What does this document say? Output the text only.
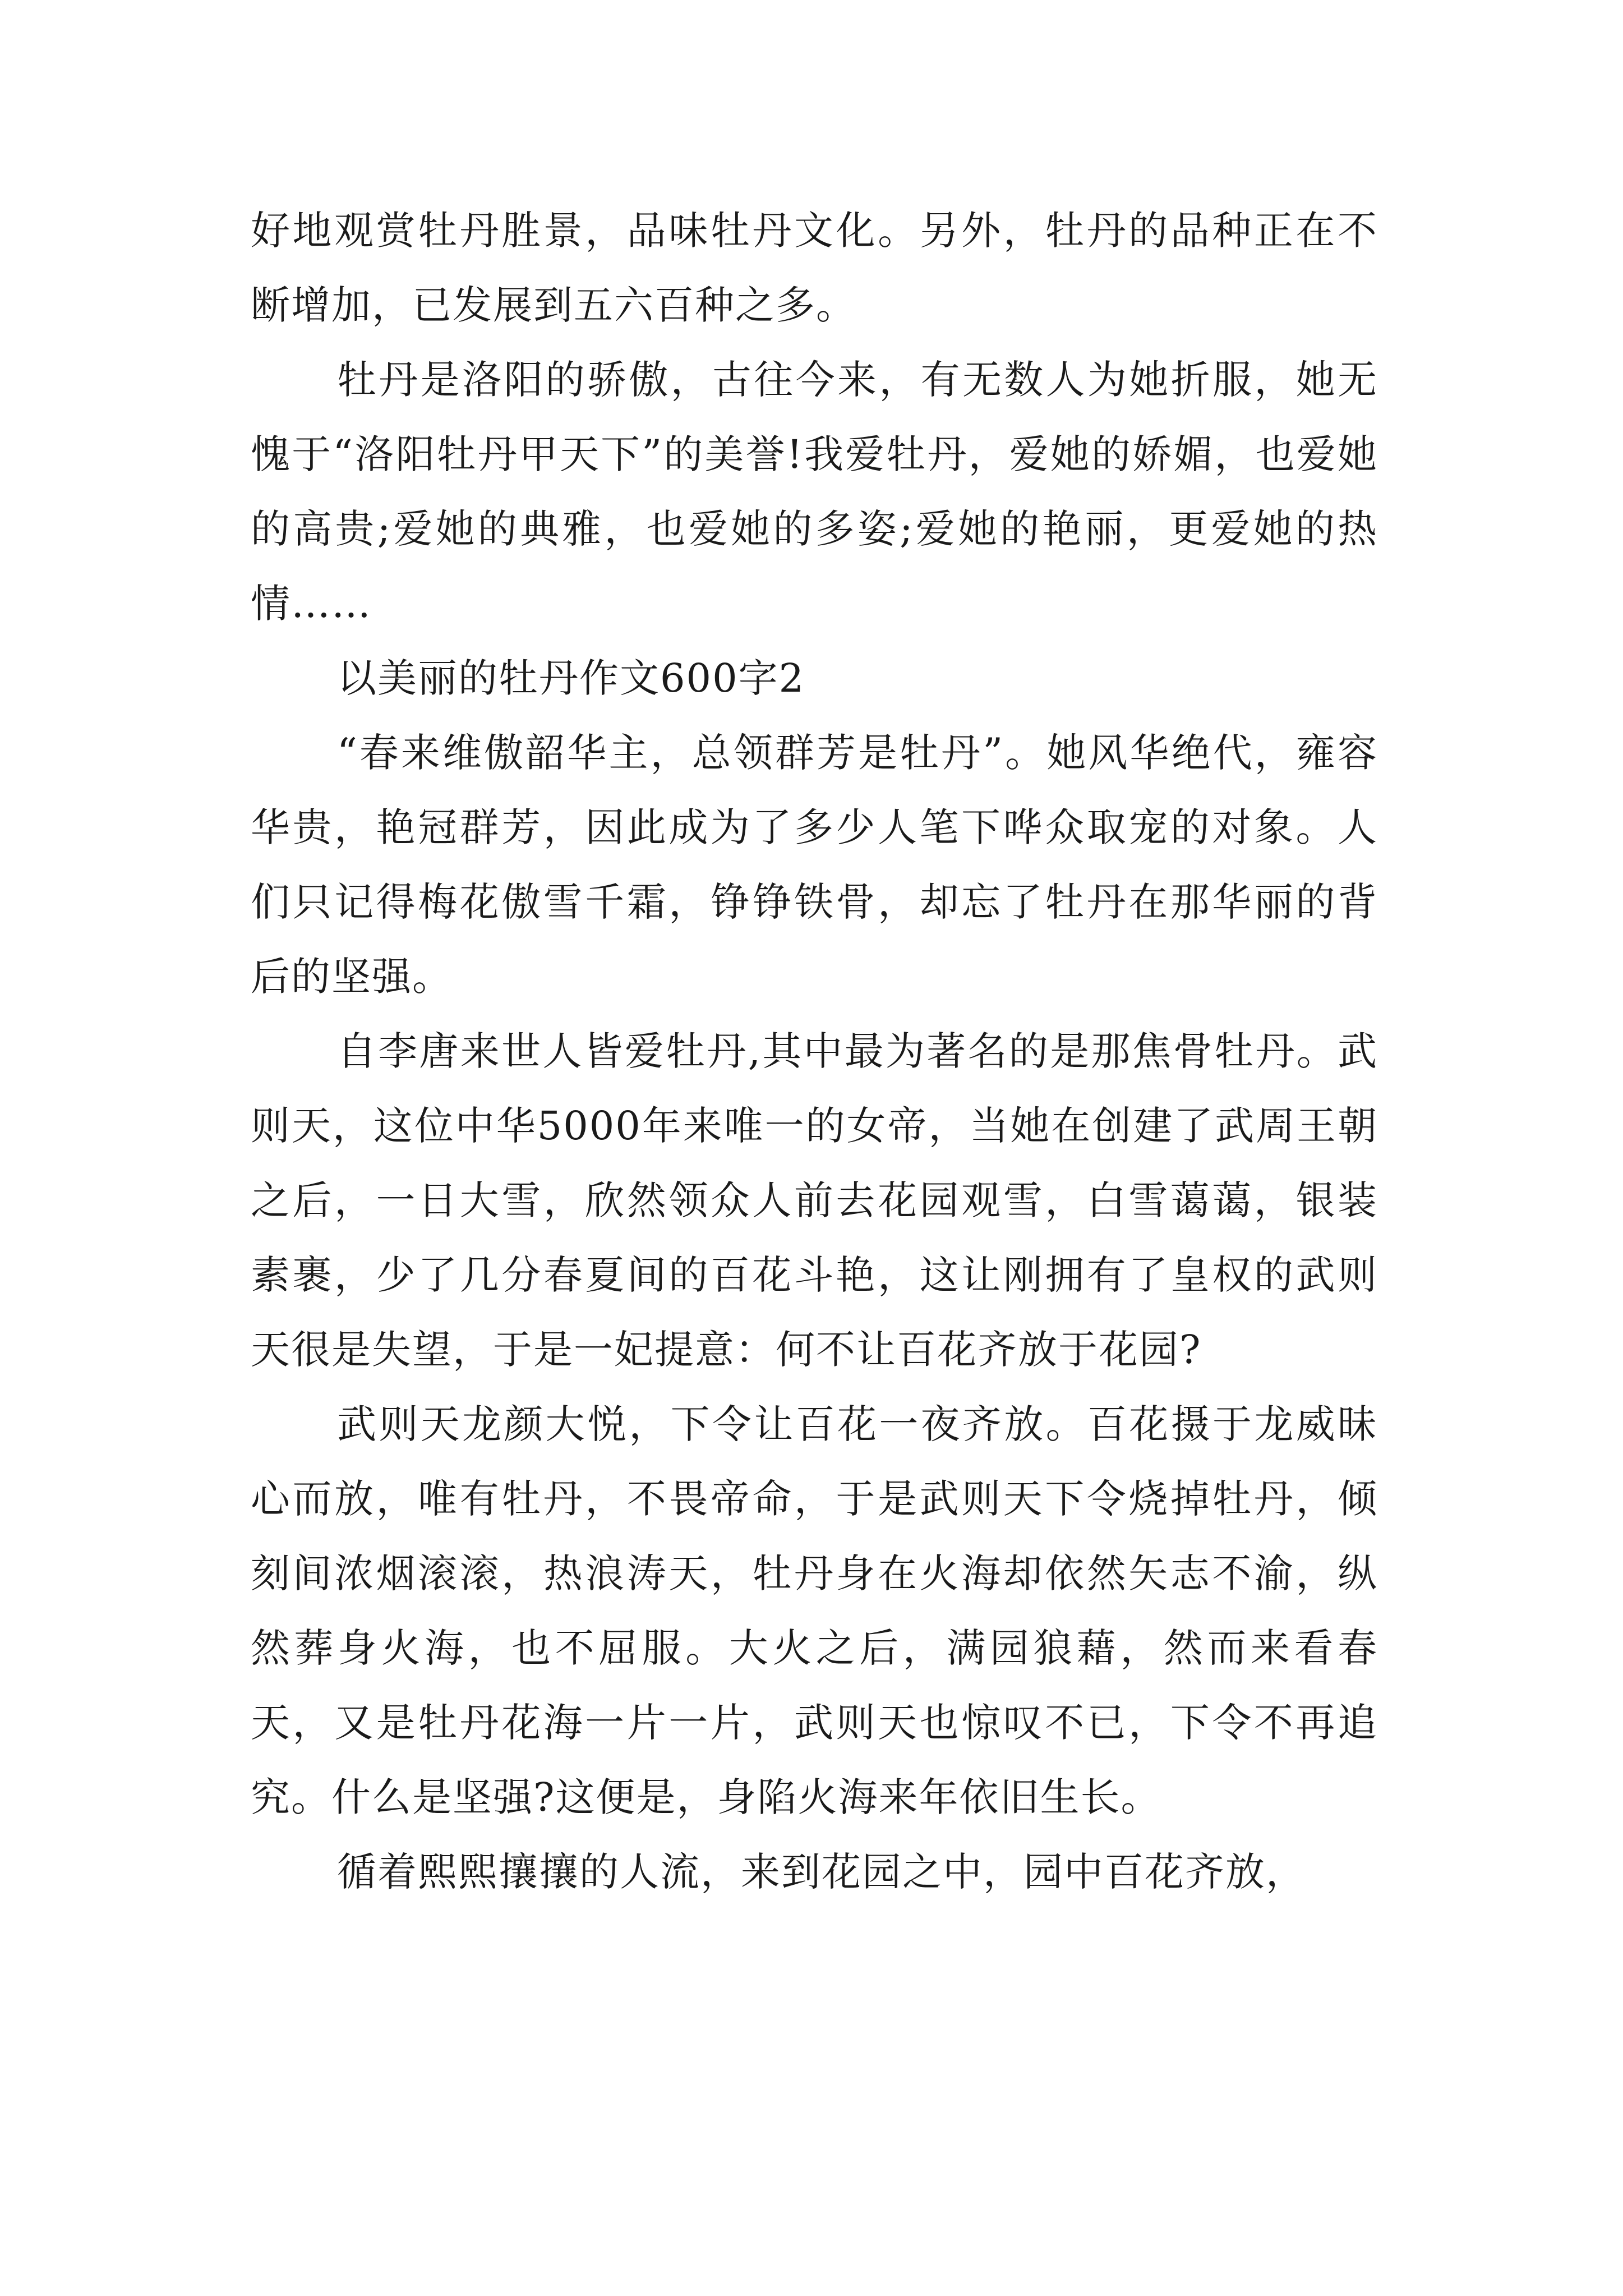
好地观赏牡丹胜景，品味牡丹文化。另外，牡丹的品种正在不断增加，已发展到五六百种之多。

牡丹是洛阳的骄傲，古往今来，有无数人为她折服，她无愧于“洛阳牡丹甲天下”的美誉!我爱牡丹，爱她的娇媚，也爱她的高贵;爱她的典雅，也爱她的多姿;爱她的艳丽，更爱她的热情……

以美丽的牡丹作文600字2

“春来维傲韶华主，总领群芳是牡丹”。她风华绝代，雍容华贵，艳冠群芳，因此成为了多少人笔下哗众取宠的对象。人们只记得梅花傲雪千霜，铮铮铁骨，却忘了牡丹在那华丽的背后的坚强。

自李唐来世人皆爱牡丹,其中最为著名的是那焦骨牡丹。武则天，这位中华5000年来唯一的女帝，当她在创建了武周王朝之后，一日大雪，欣然领众人前去花园观雪，白雪蔼蔼，银装素裹，少了几分春夏间的百花斗艳，这让刚拥有了皇权的武则天很是失望，于是一妃提意：何不让百花齐放于花园?

武则天龙颜大悦，下令让百花一夜齐放。百花摄于龙威昧心而放，唯有牡丹，不畏帝命，于是武则天下令烧掉牡丹，倾刻间浓烟滚滚，热浪涛天，牡丹身在火海却依然矢志不渝，纵然葬身火海，也不屈服。大火之后，满园狼藉，然而来看春天，又是牡丹花海一片一片，武则天也惊叹不已，下令不再追究。什么是坚强?这便是，身陷火海来年依旧生长。

循着熙熙攘攘的人流，来到花园之中，园中百花齐放，
